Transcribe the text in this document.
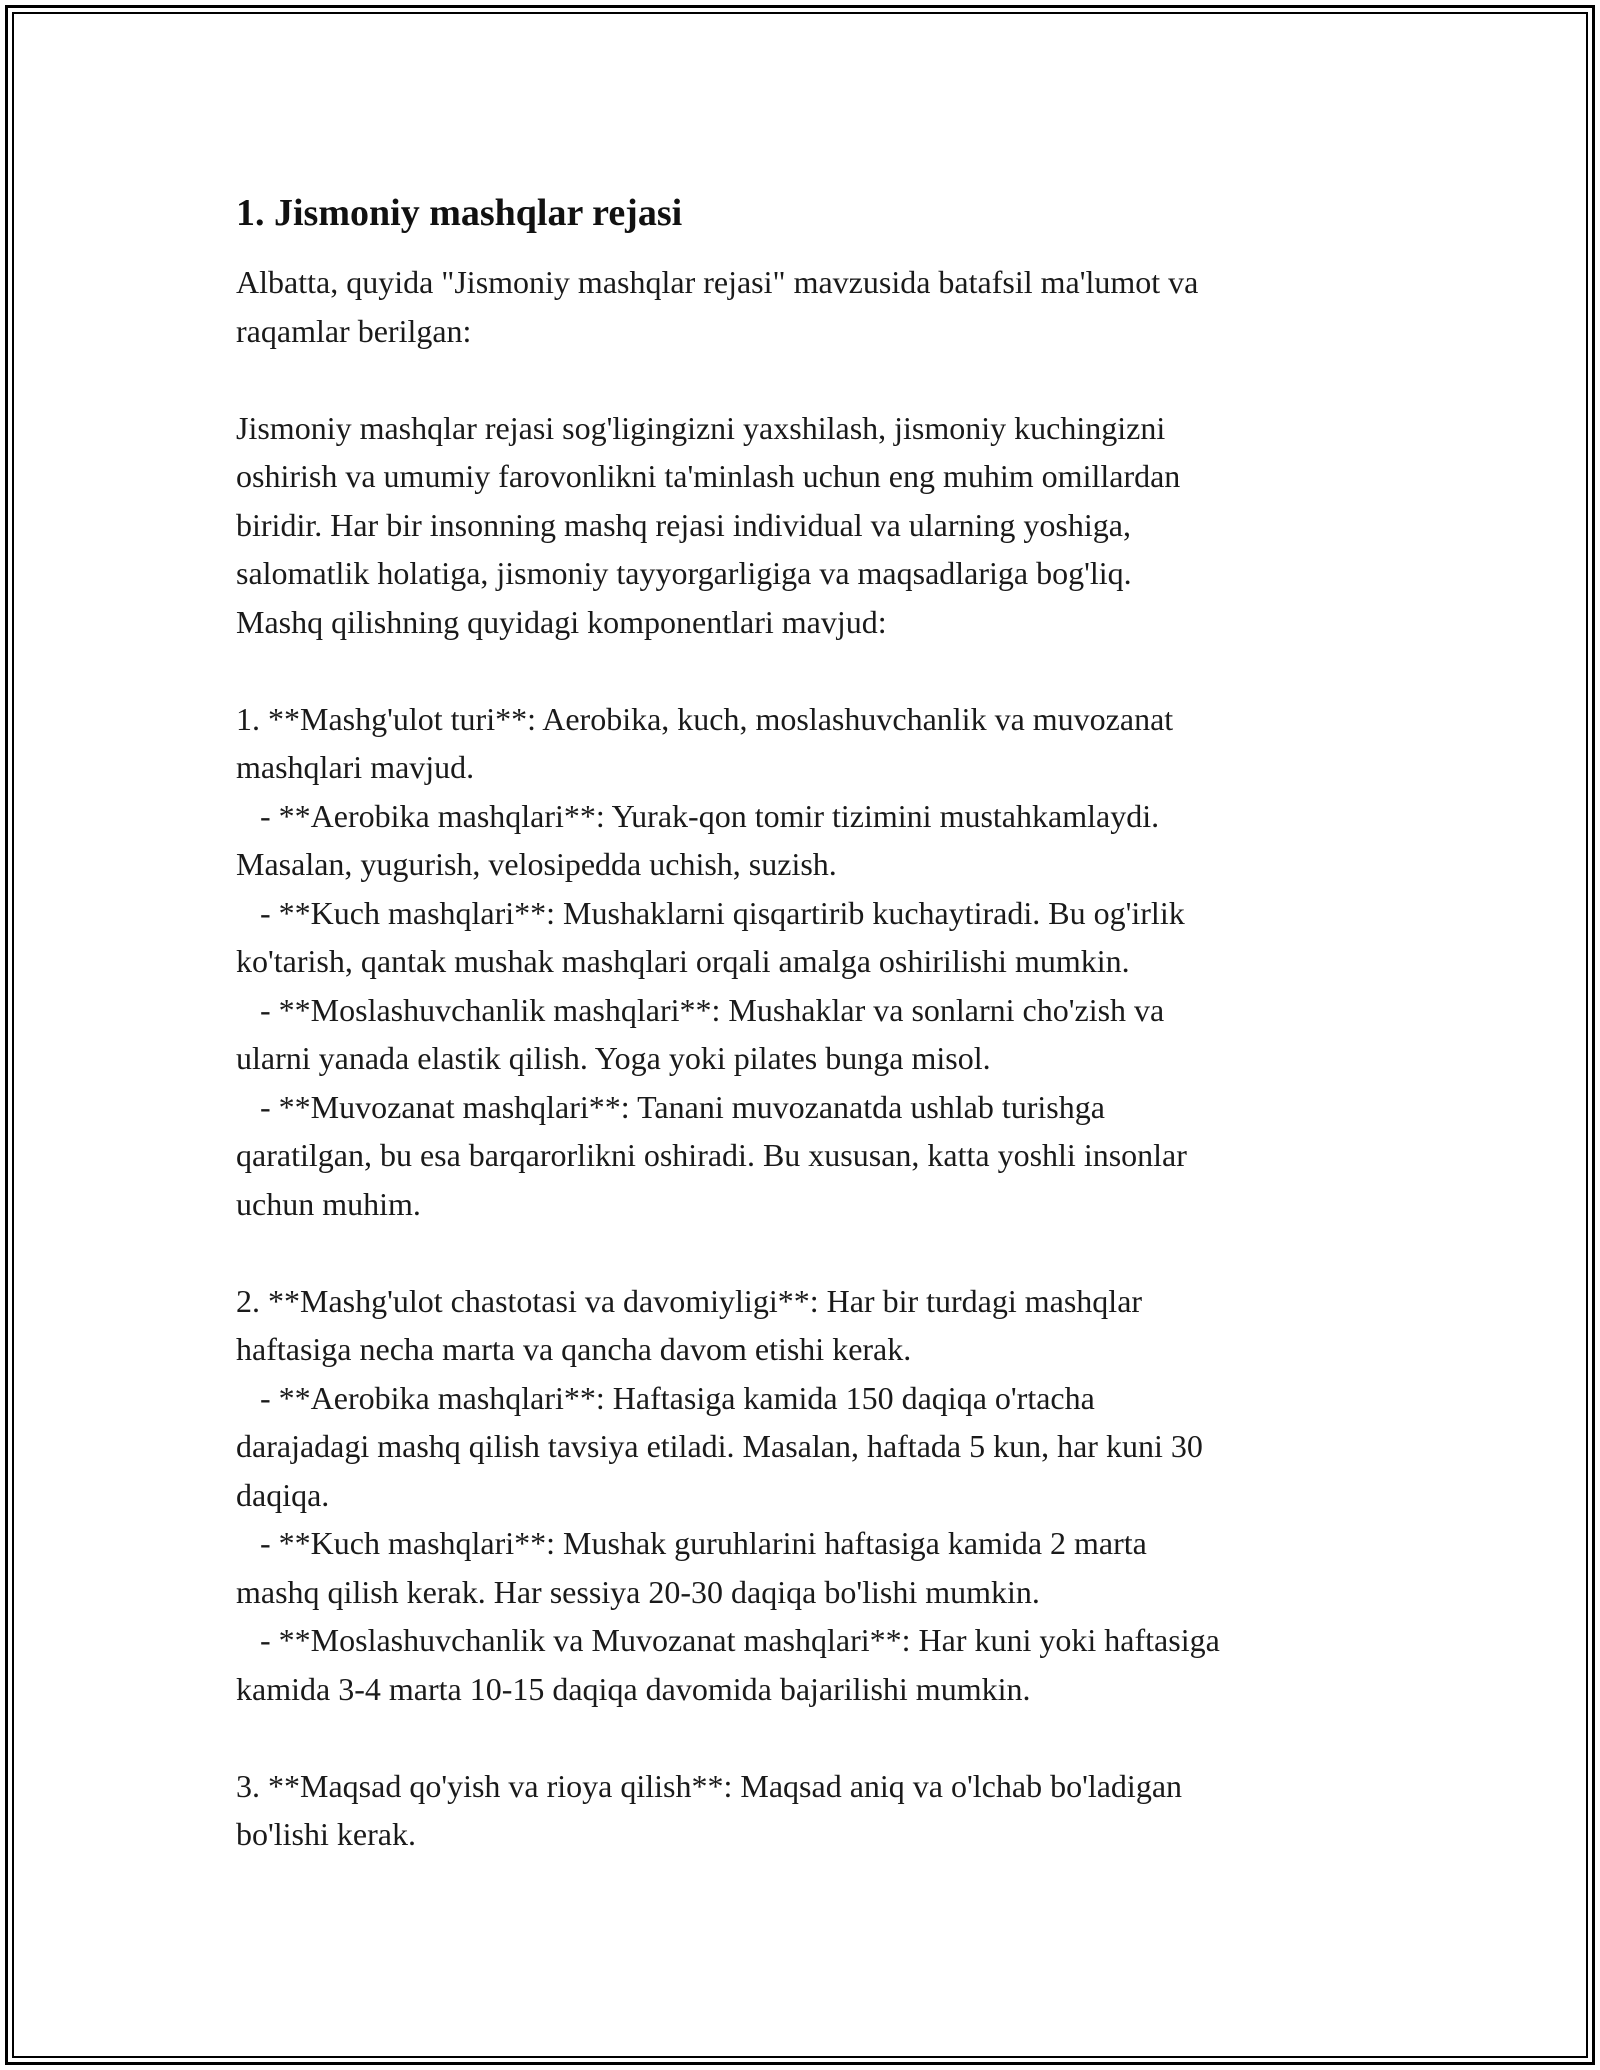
1. Jismoniy mashqlar rejasi

Albatta, quyida "Jismoniy mashqlar rejasi" mavzusida batafsil ma'lumot va
raqamlar berilgan:

Jismoniy mashqlar rejasi sog'ligingizni yaxshilash, jismoniy kuchingizni
oshirish va umumiy farovonlikni ta'minlash uchun eng muhim omillardan
biridir. Har bir insonning mashq rejasi individual va ularning yoshiga,
salomatlik holatiga, jismoniy tayyorgarligiga va maqsadlariga bog'liq.
Mashq qilishning quyidagi komponentlari mavjud:

1. **Mashg'ulot turi**: Aerobika, kuch, moslashuvchanlik va muvozanat
mashqlari mavjud.
- **Aerobika mashqlari**: Yurak-qon tomir tizimini mustahkamlaydi.
Masalan, yugurish, velosipedda uchish, suzish.
- **Kuch mashqlari**: Mushaklarni qisqartirib kuchaytiradi. Bu og'irlik
ko'tarish, qantak mushak mashqlari orqali amalga oshirilishi mumkin.
- **Moslashuvchanlik mashqlari**: Mushaklar va sonlarni cho'zish va
ularni yanada elastik qilish. Yoga yoki pilates bunga misol.
- **Muvozanat mashqlari**: Tanani muvozanatda ushlab turishga
qaratilgan, bu esa barqarorlikni oshiradi. Bu xususan, katta yoshli insonlar
uchun muhim.

2. **Mashg'ulot chastotasi va davomiyligi**: Har bir turdagi mashqlar
haftasiga necha marta va qancha davom etishi kerak.
- **Aerobika mashqlari**: Haftasiga kamida 150 daqiqa o'rtacha
darajadagi mashq qilish tavsiya etiladi. Masalan, haftada 5 kun, har kuni 30
daqiqa.
- **Kuch mashqlari**: Mushak guruhlarini haftasiga kamida 2 marta
mashq qilish kerak. Har sessiya 20-30 daqiqa bo'lishi mumkin.
- **Moslashuvchanlik va Muvozanat mashqlari**: Har kuni yoki haftasiga
kamida 3-4 marta 10-15 daqiqa davomida bajarilishi mumkin.

3. **Maqsad qo'yish va rioya qilish**: Maqsad aniq va o'lchab bo'ladigan
bo'lishi kerak.
